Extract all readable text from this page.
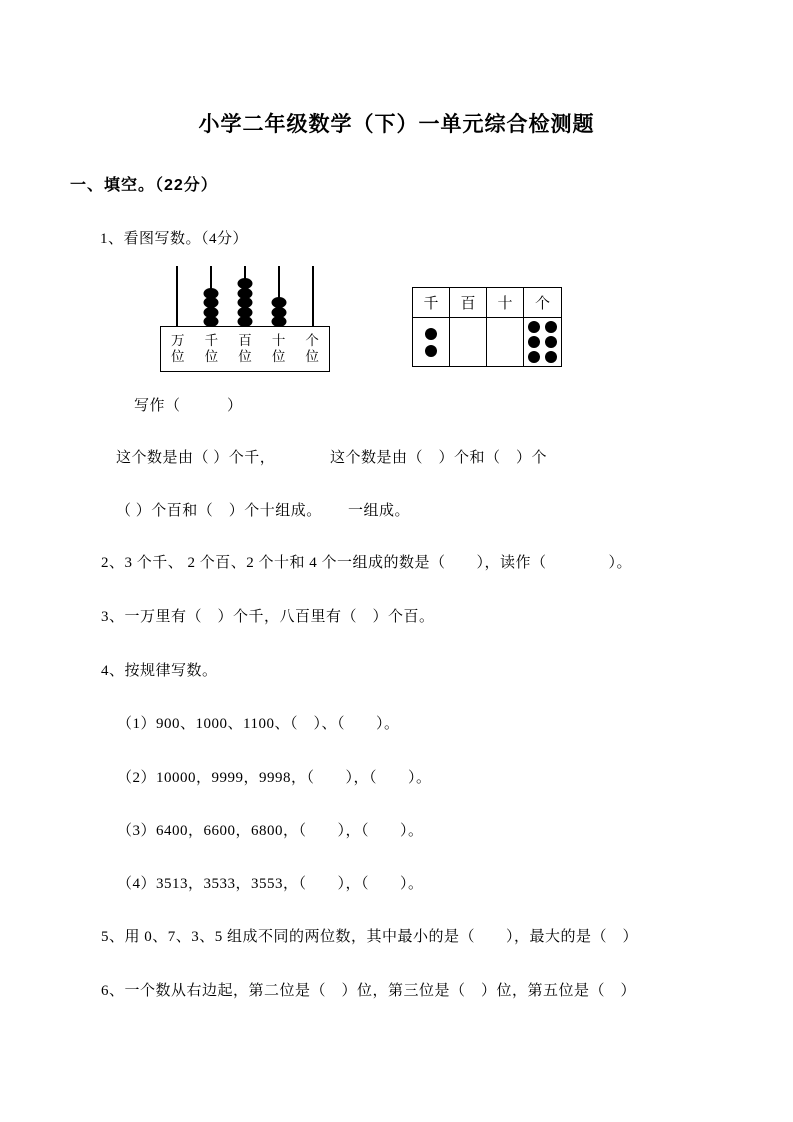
小学二年级数学（下）一单元综合检测题
一、填空。（22分）
1、看图写数。（4分）
万位
千位
百位
十位
个位
千	百	十	个
写作（　　　）
这个数是由（ ）个千，	这个数是由（　）个和（　）个
（ ）个百和（　）个十组成。 一组成。
2、3 个千、 2 个百、2 个十和 4 个一组成的数是（　　），读作（　　　　）。
3、一万里有（　）个千，八百里有（　）个百。
4、按规律写数。
（1）900、1000、1100、（　）、（　　）。
（2）10000，9999，9998，（　　），（　　）。
（3）6400，6600，6800，（　　），（　　）。
（4）3513，3533，3553，（　　），（　　）。
5、用 0、7、3、5 组成不同的两位数，其中最小的是（　　），最大的是（　）
6、一个数从右边起，第二位是（　）位，第三位是（　）位，第五位是（　）
